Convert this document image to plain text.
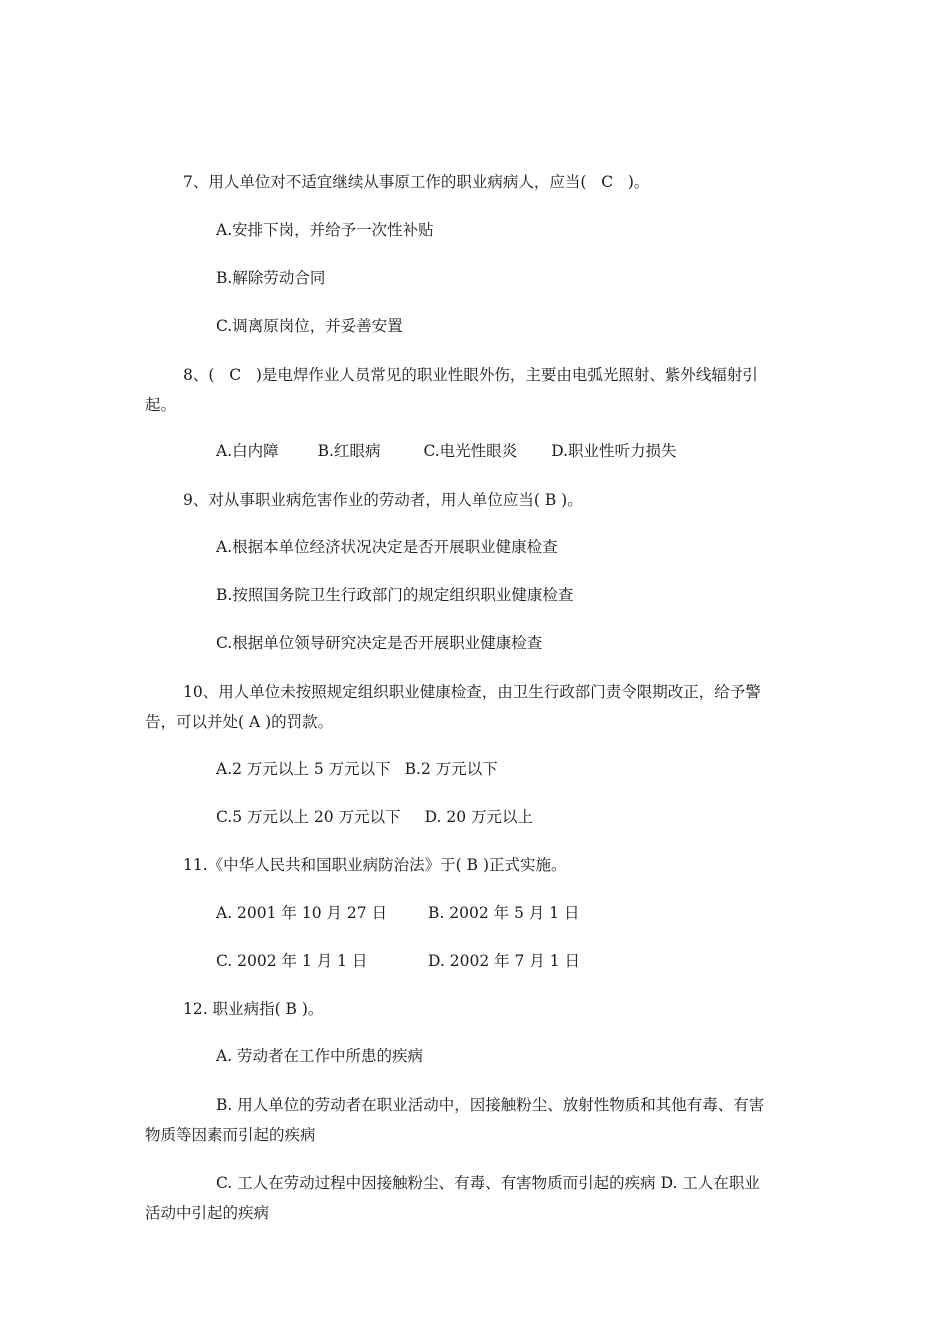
7、用人单位对不适宜继续从事原工作的职业病病人，应当(   C   )。
A.安排下岗，并给予一次性补贴
B.解除劳动合同
C.调离原岗位，并妥善安置
8、(   C   )是电焊作业人员常见的职业性眼外伤，主要由电弧光照射、紫外线辐射引
起。
A.白内障	B.红眼病	C.电光性眼炎 D.职业性听力损失
9、对从事职业病危害作业的劳动者，用人单位应当( B )。
A.根据本单位经济状况决定是否开展职业健康检查
B.按照国务院卫生行政部门的规定组织职业健康检查
C.根据单位领导研究决定是否开展职业健康检查
10、用人单位未按照规定组织职业健康检查，由卫生行政部门责令限期改正，给予警
告，可以并处( A )的罚款。
A.2 万元以上 5 万元以下 B.2 万元以下
C.5 万元以上 20 万元以下 D. 20 万元以上
11.《中华人民共和国职业病防治法》于( B )正式实施。
A. 2001 年 10 月 27 日	B. 2002 年 5 月 1 日
C. 2002 年 1 月 1 日	D. 2002 年 7 月 1 日
12. 职业病指( B )。
A. 劳动者在工作中所患的疾病
B. 用人单位的劳动者在职业活动中，因接触粉尘、放射性物质和其他有毒、有害
物质等因素而引起的疾病
C. 工人在劳动过程中因接触粉尘、有毒、有害物质而引起的疾病 D. 工人在职业
活动中引起的疾病
